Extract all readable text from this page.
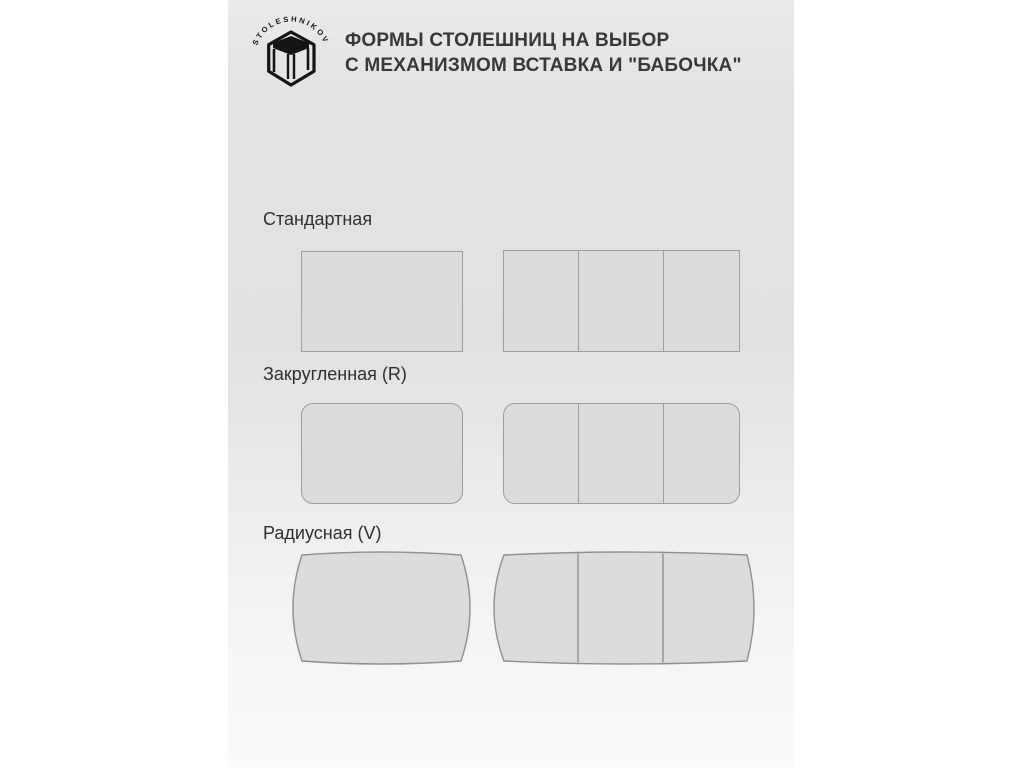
STOLESHNIKOV ФОРМЫ СТОЛЕШНИЦ НА ВЫБОР
С МЕХАНИЗМОМ ВСТАВКА И "БАБОЧКА"
Стандартная
Закругленная (R)
Радиусная (V)
